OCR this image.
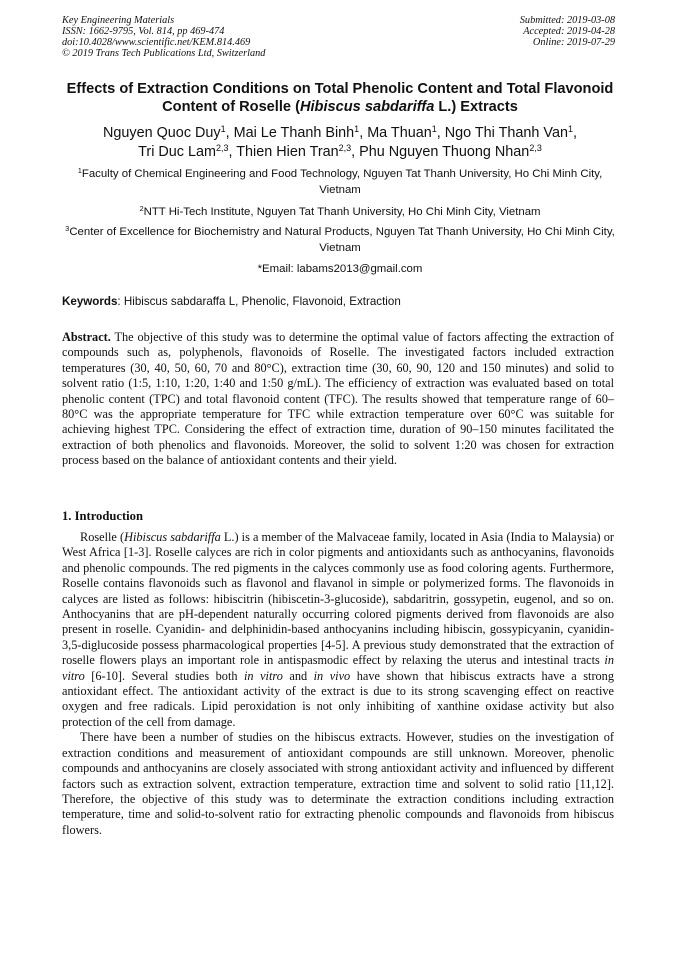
Key Engineering Materials
ISSN: 1662-9795, Vol. 814, pp 469-474
doi:10.4028/www.scientific.net/KEM.814.469
© 2019 Trans Tech Publications Ltd, Switzerland
Submitted: 2019-03-08
Accepted: 2019-04-28
Online: 2019-07-29
Effects of Extraction Conditions on Total Phenolic Content and Total Flavonoid Content of Roselle (Hibiscus sabdariffa L.) Extracts
Nguyen Quoc Duy$^1$, Mai Le Thanh Binh$^1$, Ma Thuan$^1$, Ngo Thi Thanh Van$^1$,
Tri Duc Lam$^{2,3}$, Thien Hien Tran$^{2,3}$, Phu Nguyen Thuong Nhan$^{2,3}$
$^1$Faculty of Chemical Engineering and Food Technology, Nguyen Tat Thanh University, Ho Chi Minh City, Vietnam
$^2$NTT Hi-Tech Institute, Nguyen Tat Thanh University, Ho Chi Minh City, Vietnam
$^3$Center of Excellence for Biochemistry and Natural Products, Nguyen Tat Thanh University, Ho Chi Minh City, Vietnam
*Email: labams2013@gmail.com
Keywords: Hibiscus sabdaraffa L, Phenolic, Flavonoid, Extraction
Abstract. The objective of this study was to determine the optimal value of factors affecting the extraction of compounds such as, polyphenols, flavonoids of Roselle. The investigated factors included extraction temperatures (30, 40, 50, 60, 70 and 80°C), extraction time (30, 60, 90, 120 and 150 minutes) and solid to solvent ratio (1:5, 1:10, 1:20, 1:40 and 1:50 g/mL). The efficiency of extraction was evaluated based on total phenolic content (TPC) and total flavonoid content (TFC). The results showed that temperature range of 60–80°C was the appropriate temperature for TFC while extraction temperature over 60°C was suitable for achieving highest TPC. Considering the effect of extraction time, duration of 90–150 minutes facilitated the extraction of both phenolics and flavonoids. Moreover, the solid to solvent 1:20 was chosen for extraction process based on the balance of antioxidant contents and their yield.
1. Introduction

Roselle (Hibiscus sabdariffa L.) is a member of the Malvaceae family, located in Asia (India to Malaysia) or West Africa [1-3]. Roselle calyces are rich in color pigments and antioxidants such as anthocyanins, flavonoids and phenolic compounds. The red pigments in the calyces commonly use as food coloring agents. Furthermore, Roselle contains flavonoids such as flavonol and flavanol in simple or polymerized forms. The flavonoids in calyces are listed as follows: hibiscitrin (hibiscetin-3-glucoside), sabdaritrin, gossypetin, eugenol, and so on. Anthocyanins that are pH-dependent naturally occurring colored pigments derived from flavonoids are also present in roselle. Cyanidin- and delphinidin-based anthocyanins including hibiscin, gossypicyanin, cyanidin-3,5-diglucoside possess pharmacological properties [4-5]. A previous study demonstrated that the extraction of roselle flowers plays an important role in antispasmodic effect by relaxing the uterus and intestinal tracts in vitro [6-10]. Several studies both in vitro and in vivo have shown that hibiscus extracts have a strong antioxidant effect. The antioxidant activity of the extract is due to its strong scavenging effect on reactive oxygen and free radicals. Lipid peroxidation is not only inhibiting of xanthine oxidase activity but also protection of the cell from damage.

There have been a number of studies on the hibiscus extracts. However, studies on the investigation of extraction conditions and measurement of antioxidant compounds are still unknown. Moreover, phenolic compounds and anthocyanins are closely associated with strong antioxidant activity and influenced by different factors such as extraction solvent, extraction temperature, extraction time and solvent to solid ratio [11,12]. Therefore, the objective of this study was to determinate the extraction conditions including extraction temperature, time and solid-to-solvent ratio for extracting phenolic compounds and flavonoids from hibiscus flowers.
